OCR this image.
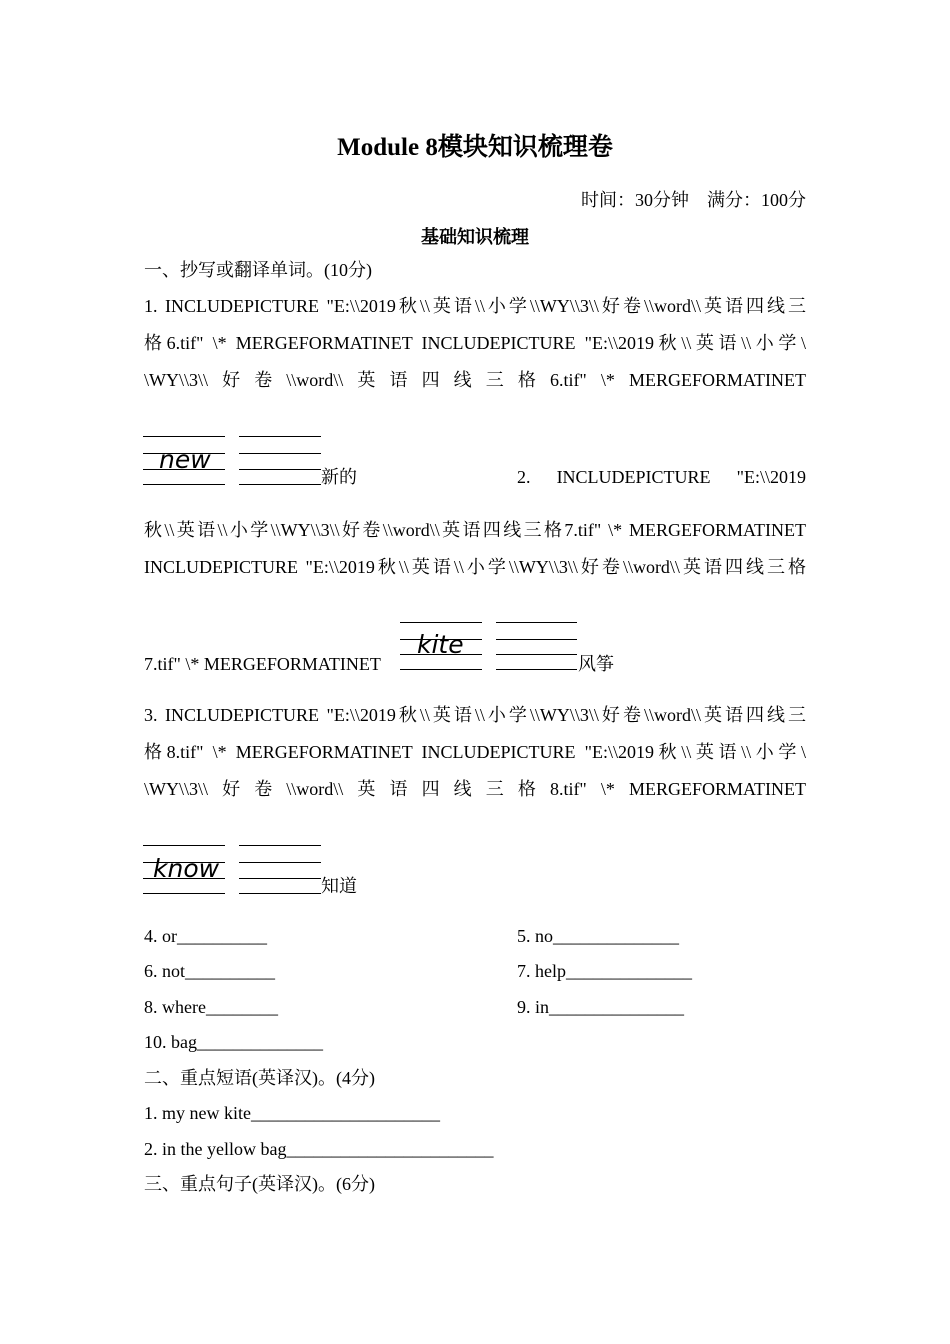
Module 8模块知识梳理卷
时间：30分钟　满分：100分
基础知识梳理
一、抄写或翻译单词。(10分)
1. INCLUDEPICTURE "E:\\2019秋\\英语\\小学\\WY\\3\\好卷\\word\\英语四线三
格6.tif" \* MERGEFORMATINET INCLUDEPICTURE "E:\\2019秋\\英语\\小学\
\WY\\3\\ 好 卷 \\word\\ 英 语 四 线 三 格 6.tif" \* MERGEFORMATINET
new
新的	2. INCLUDEPICTURE "E:\\2019
秋\\英语\\小学\\WY\\3\\好卷\\word\\英语四线三格7.tif" \* MERGEFORMATINET
INCLUDEPICTURE "E:\\2019秋\\英语\\小学\\WY\\3\\好卷\\word\\英语四线三格
7.tif" \* MERGEFORMATINET
kite
风筝
3. INCLUDEPICTURE "E:\\2019秋\\英语\\小学\\WY\\3\\好卷\\word\\英语四线三
格8.tif" \* MERGEFORMATINET INCLUDEPICTURE "E:\\2019秋\\英语\\小学\
\WY\\3\\ 好 卷 \\word\\ 英 语 四 线 三 格 8.tif" \* MERGEFORMATINET
know
知道
4. or__________	5. no______________
6. not__________	7. help______________
8. where________	9. in_______________
10. bag______________
二、重点短语(英译汉)。(4分)
1. my new kite_____________________
2. in the yellow bag_______________________
三、重点句子(英译汉)。(6分)
